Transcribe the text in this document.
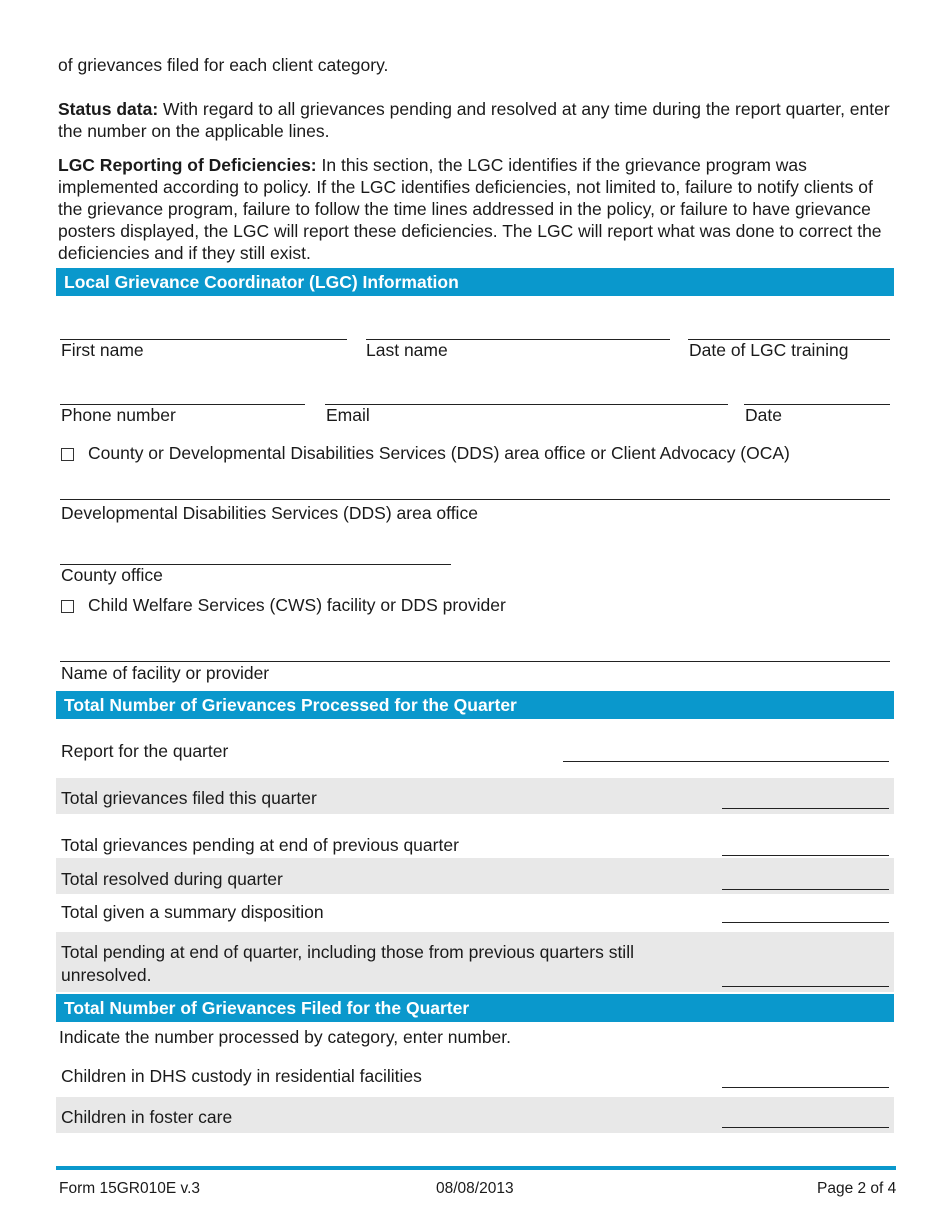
of grievances filed for each client category.
Status data: With regard to all grievances pending and resolved at any time during the report quarter, enter the number on the applicable lines.
LGC Reporting of Deficiencies: In this section, the LGC identifies if the grievance program was implemented according to policy. If the LGC identifies deficiencies, not limited to, failure to notify clients of the grievance program, failure to follow the time lines addressed in the policy, or failure to have grievance posters displayed, the LGC will report these deficiencies. The LGC will report what was done to correct the deficiencies and if they still exist.
Local Grievance Coordinator (LGC) Information
First name	Last name	Date of LGC training
Phone number	Email	Date
County or Developmental Disabilities Services (DDS) area office or Client Advocacy (OCA)
Developmental Disabilities Services (DDS) area office
County office
Child Welfare Services (CWS) facility or DDS provider
Name of facility or provider
Total Number of Grievances Processed for the Quarter
Report for the quarter
Total grievances filed this quarter
Total grievances pending at end of previous quarter
Total resolved during quarter
Total given a summary disposition
Total pending at end of quarter, including those from previous quarters still
unresolved.
Total Number of Grievances Filed for the Quarter
Indicate the number processed by category, enter number.
Children in DHS custody in residential facilities
Children in foster care
Form 15GR010E v.3	08/08/2013	Page 2 of 4
